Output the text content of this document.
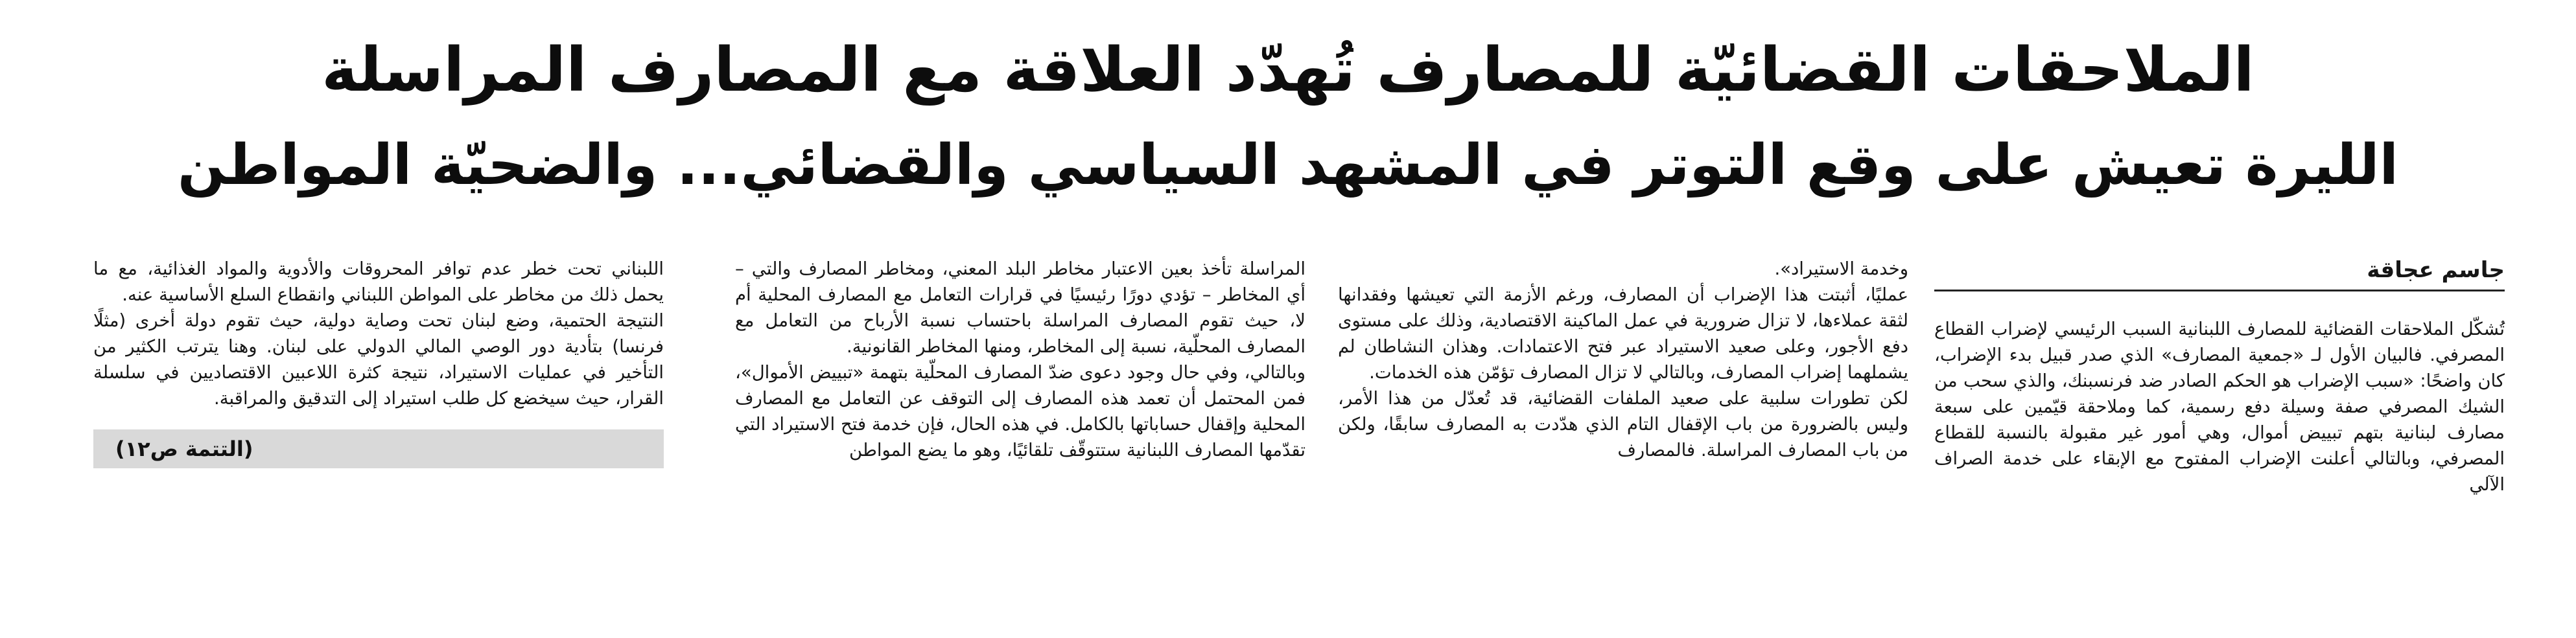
الملاحقات القضائيّة للمصارف تُهدّد العلاقة مع المصارف المراسلة
الليرة تعيش على وقع التوتر في المشهد السياسي والقضائي... والضحيّة المواطن
جاسم عجاقة

تُشكّل الملاحقات القضائية للمصارف اللبنانية السبب الرئيسي لإضراب القطاع المصرفي. فالبيان الأول لـ «جمعية المصارف» الذي صدر قبيل بدء الإضراب، كان واضحًا: «سبب الإضراب هو الحكم الصادر ضد فرنسبنك، والذي سحب من الشيك المصرفي صفة وسيلة دفع رسمية، كما وملاحقة قيّمين على سبعة مصارف لبنانية بتهم تبييض أموال، وهي أمور غير مقبولة بالنسبة للقطاع المصرفي، وبالتالي أعلنت الإضراب المفتوح مع الإبقاء على خدمة الصراف الآلي

وخدمة الاستيراد».

عمليًا، أثبتت هذا الإضراب أن المصارف، ورغم الأزمة التي تعيشها وفقدانها لثقة عملاءها، لا تزال ضرورية في عمل الماكينة الاقتصادية، وذلك على مستوى دفع الأجور، وعلى صعيد الاستيراد عبر فتح الاعتمادات. وهذان النشاطان لم يشملهما إضراب المصارف، وبالتالي لا تزال المصارف تؤمّن هذه الخدمات.

لكن تطورات سلبية على صعيد الملفات القضائية، قد تُعدّل من هذا الأمر، وليس بالضرورة من باب الإقفال التام الذي هدّدت به المصارف سابقًا، ولكن من باب المصارف المراسلة. فالمصارف

المراسلة تأخذ بعين الاعتبار مخاطر البلد المعني، ومخاطر المصارف والتي – أي المخاطر – تؤدي دورًا رئيسيًا في قرارات التعامل مع المصارف المحلية أم لا، حيث تقوم المصارف المراسلة باحتساب نسبة الأرباح من التعامل مع المصارف المحلّية، نسبة إلى المخاطر، ومنها المخاطر القانونية.

وبالتالي، وفي حال وجود دعوى ضدّ المصارف المحلّية بتهمة «تبييض الأموال»، فمن المحتمل أن تعمد هذه المصارف إلى التوقف عن التعامل مع المصارف المحلية وإقفال حساباتها بالكامل. في هذه الحال، فإن خدمة فتح الاستيراد التي تقدّمها المصارف اللبنانية ستتوقّف تلقائيًا، وهو ما يضع المواطن

اللبناني تحت خطر عدم توافر المحروقات والأدوية والمواد الغذائية، مع ما يحمل ذلك من مخاطر على المواطن اللبناني وانقطاع السلع الأساسية عنه.

النتيجة الحتمية، وضع لبنان تحت وصاية دولية، حيث تقوم دولة أخرى (مثلًا فرنسا) بتأدية دور الوصي المالي الدولي على لبنان. وهنا يترتب الكثير من التأخير في عمليات الاستيراد، نتيجة كثرة اللاعبين الاقتصاديين في سلسلة القرار، حيث سيخضع كل طلب استيراد إلى التدقيق والمراقبة.

(التتمة ص١٢)
